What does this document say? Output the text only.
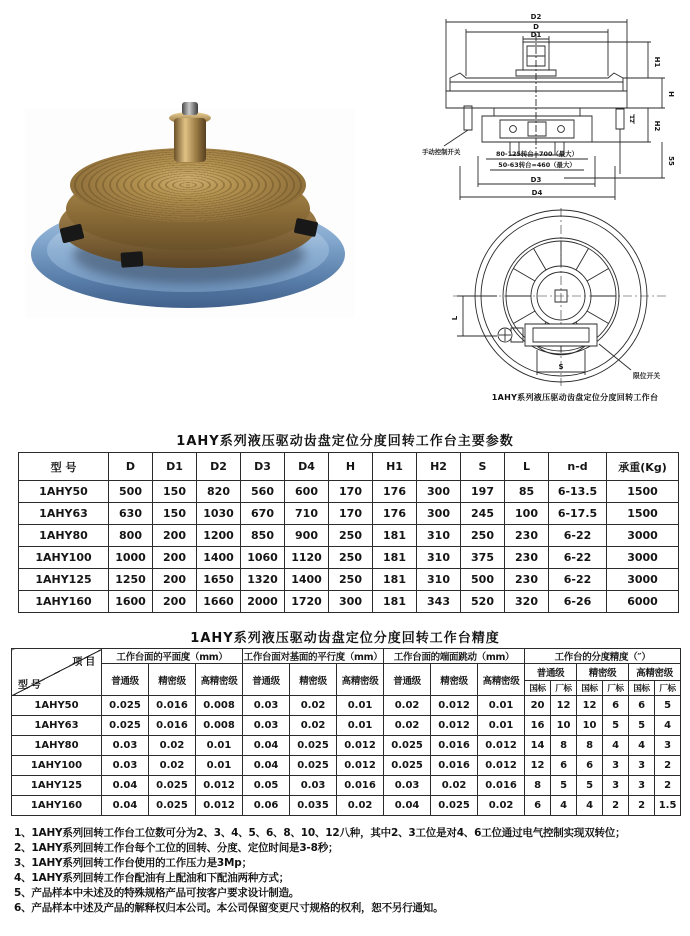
D2
D
D1
H1
H
12
H2
55
80-125转台=700（最大）
50-63转台=460（最大）
D3
D4
手动控制开关
L
S
限位开关
1AHY系列液压驱动齿盘定位分度回转工作台
1AHY系列液压驱动齿盘定位分度回转工作台主要参数
型 号	D	D1	D2	D3	D4	H	H1	H2	S	L	n-d	承重(Kg)
1AHY50	500	150	820	560	600	170	176	300	197	85	6-13.5	1500
1AHY63	630	150	1030	670	710	170	176	300	245	100	6-17.5	1500
1AHY80	800	200	1200	850	900	250	181	310	250	230	6-22	3000
1AHY100	1000	200	1400	1060	1120	250	181	310	375	230	6-22	3000
1AHY125	1250	200	1650	1320	1400	250	181	310	500	230	6-22	3000
1AHY160	1600	200	1660	2000	1720	300	181	343	520	320	6-26	6000
1AHY系列液压驱动齿盘定位分度回转工作台精度
项 目
型 号	工作台面的平面度（mm）			工作台面对基面的平行度（mm）			工作台面的端面跳动（mm）			工作台的分度精度（″）					
	普通级	精密级	高精密级	普通级	精密级	高精密级	普通级	精密级	高精密级	普通级		精密级		高精密级	
										国标	厂标	国标	厂标	国标	厂标
1AHY50	0.025	0.016	0.008	0.03	0.02	0.01	0.02	0.012	0.01	20	12	12	6	6	5
1AHY63	0.025	0.016	0.008	0.03	0.02	0.01	0.02	0.012	0.01	16	10	10	5	5	4
1AHY80	0.03	0.02	0.01	0.04	0.025	0.012	0.025	0.016	0.012	14	8	8	4	4	3
1AHY100	0.03	0.02	0.01	0.04	0.025	0.012	0.025	0.016	0.012	12	6	6	3	3	2
1AHY125	0.04	0.025	0.012	0.05	0.03	0.016	0.03	0.02	0.016	8	5	5	3	3	2
1AHY160	0.04	0.025	0.012	0.06	0.035	0.02	0.04	0.025	0.02	6	4	4	2	2	1.5
1、1AHY系列回转工作台工位数可分为2、3、4、5、6、8、10、12八种，其中2、3工位是对4、6工位通过电气控制实现双转位；
2、1AHY系列回转工作台每个工位的回转、分度、定位时间是3-8秒；
3、1AHY系列回转工作台使用的工作压力是3Mp；
4、1AHY系列回转工作台配油有上配油和下配油两种方式；
5、产品样本中未述及的特殊规格产品可按客户要求设计制造。
6、产品样本中述及产品的解释权归本公司。本公司保留变更尺寸规格的权利，恕不另行通知。
